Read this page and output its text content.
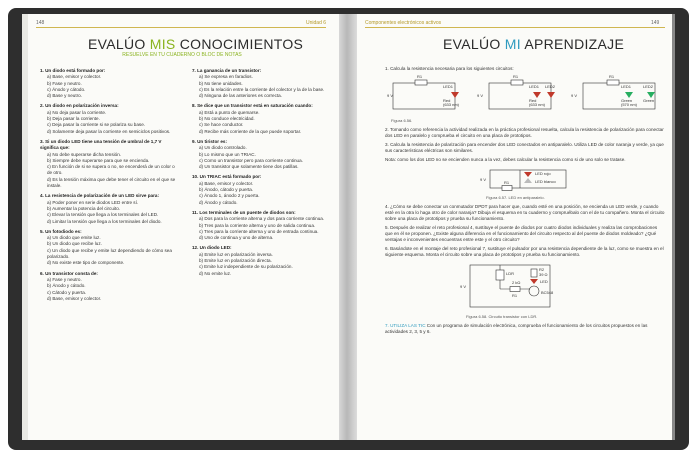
148	Unidad 6
EVALÚO MIS CONOCIMIENTOS
RESUELVE EN TU CUADERNO O BLOC DE NOTAS
1. Un diodo está formado por:
a) Base, emisor y colector.
b) Fase y neutro.
c) Ánodo y cátodo.
d) Base y neutro.
2. Un diodo en polarización inversa:
a) No deja pasar la corriente.
b) Deja pasar la corriente.
c) Deja pasar la corriente si se polariza su base.
d) Solamente deja pasar la corriente en semiciclos positivos.
3. Si un diodo LED tiene una tensión de umbral de 1,7 V significa que:
a) No debe superarse dicha tensión.
b) Siempre debe superarse para que se encienda.
c) En función de si se supera o no, se encenderá de un color o de otro.
d) Es la tensión máxima que debe tener el circuito en el que se instale.
4. La resistencia de polarización de un LED sirve para:
a) Poder poner en serie diodos LED entre sí.
b) Aumentar la potencia del circuito.
c) Elevar la tensión que llega a los terminales del LED.
d) Limitar la tensión que llega a los terminales del diodo.
5. Un fotodiodo es:
a) Un diodo que emite luz.
b) Un diodo que recibe luz.
c) Un diodo que recibe y emite luz dependiendo de cómo sea polarizado.
d) No existe este tipo de componente.
6. Un transistor consta de:
a) Fase y neutro.
b) Ánodo y cátodo.
c) Cátodo y puerta.
d) Base, emisor y colector.
7. La ganancia de un transistor:
a) Se expresa en faradios.
b) No tiene unidades.
c) Es la relación entre la corriente del colector y la de la base.
d) Ninguna de las anteriores es correcta.
8. Se dice que un transistor está en saturación cuando:
a) Está a punto de quemarse.
b) No conduce electricidad.
c) Se hace conductor.
d) Recibe más corriente de la que puede soportar.
9. Un tiristor es:
a) Un diodo controlado.
b) Lo mismo que un TRIAC.
c) Como un transistor pero para corriente continua.
d) Un transistor que solamente tiene dos patillas.
10. Un TRIAC está formado por:
a) Base, emisor y colector.
b) Ánodo, cátodo y puerta.
c) Ánodo 1, ánodo 2 y puerta.
d) Ánodo y cátodo.
11. Los terminales de un puente de diodos son:
a) Dos para la corriente alterna y dos para corriente continua.
b) Tres para la corriente alterna y uno de salida continua.
c) Tres para la corriente alterna y uno de entrada continua.
d) Uno de continua y uno de alterna.
12. Un diodo LED:
a) Emite luz en polarización inversa.
b) Emite luz en polarización directa.
c) Emite luz independiente de su polarización.
d) No emite luz.
149
Componentes electrónicos activos
EVALÚO MI APRENDIZAJE
1. Calcula la resistencia necesaria para los siguientes circuitos:
9 V
R1
LED1
Red
(633 nm)
9 V
R1
LED1 LED2
Red
(633 nm)
9 V
R1
LED1	LED2
Green	Green
(570 nm)
Figura 6.56.
2. Tomando como referencia la actividad realizada en la práctica profesional resuelta, calcula la resistencia de polarización para conectar dos LED en paralelo y comprueba el circuito en una placa de prototipos.
3. Calcula la resistencia de polarización para encender dos LED conectados en antiparalelo. Utiliza LED de color naranja y verde, ya que sus características eléctricas son similares.
Nota: como los dos LED no se encienden nunca a la vez, debes calcular la resistencia como si de uno solo se tratase.
9 V
R1
LED rojo
LED blanco
Figura 6.57. LED en antiparalelo.
4. ¿Cómo se debe conectar un conmutador DPDT para hacer que, cuando esté en una posición, se encienda un LED verde, y cuando esté en la otra lo haga otro de color naranja? Dibuja el esquema en tu cuaderno y compruébalo con el de tu compañero. Monta el circuito sobre una placa de prototipos y prueba su funcionamiento.
5. Después de realizar el reto profesional 4, sustituye el puente de diodos por cuatro diodos individuales y realiza las comprobaciones que en él se proponen. ¿Existe alguna diferencia en el funcionamiento del circuito respecto al del puente de diodos moldeado? ¿Qué ventajas e inconvenientes encuentras entre este y el otro circuito?
6. Basándote en el montaje del reto profesional 7, sustituye el pulsador por una resistencia dependiente de la luz, como se muestra en el siguiente esquema. Monta el circuito sobre una placa de prototipos y prueba su funcionamiento.
9 V
LDR
2 kΩ
R1
R2
39 Ω
LED
BC548
Figura 6.58. Circuito transistor con LDR.
7. UTILIZA LAS TIC Con un programa de simulación electrónica, comprueba el funcionamiento de los circuitos propuestos en las actividades 2, 3, 5 y 6.
